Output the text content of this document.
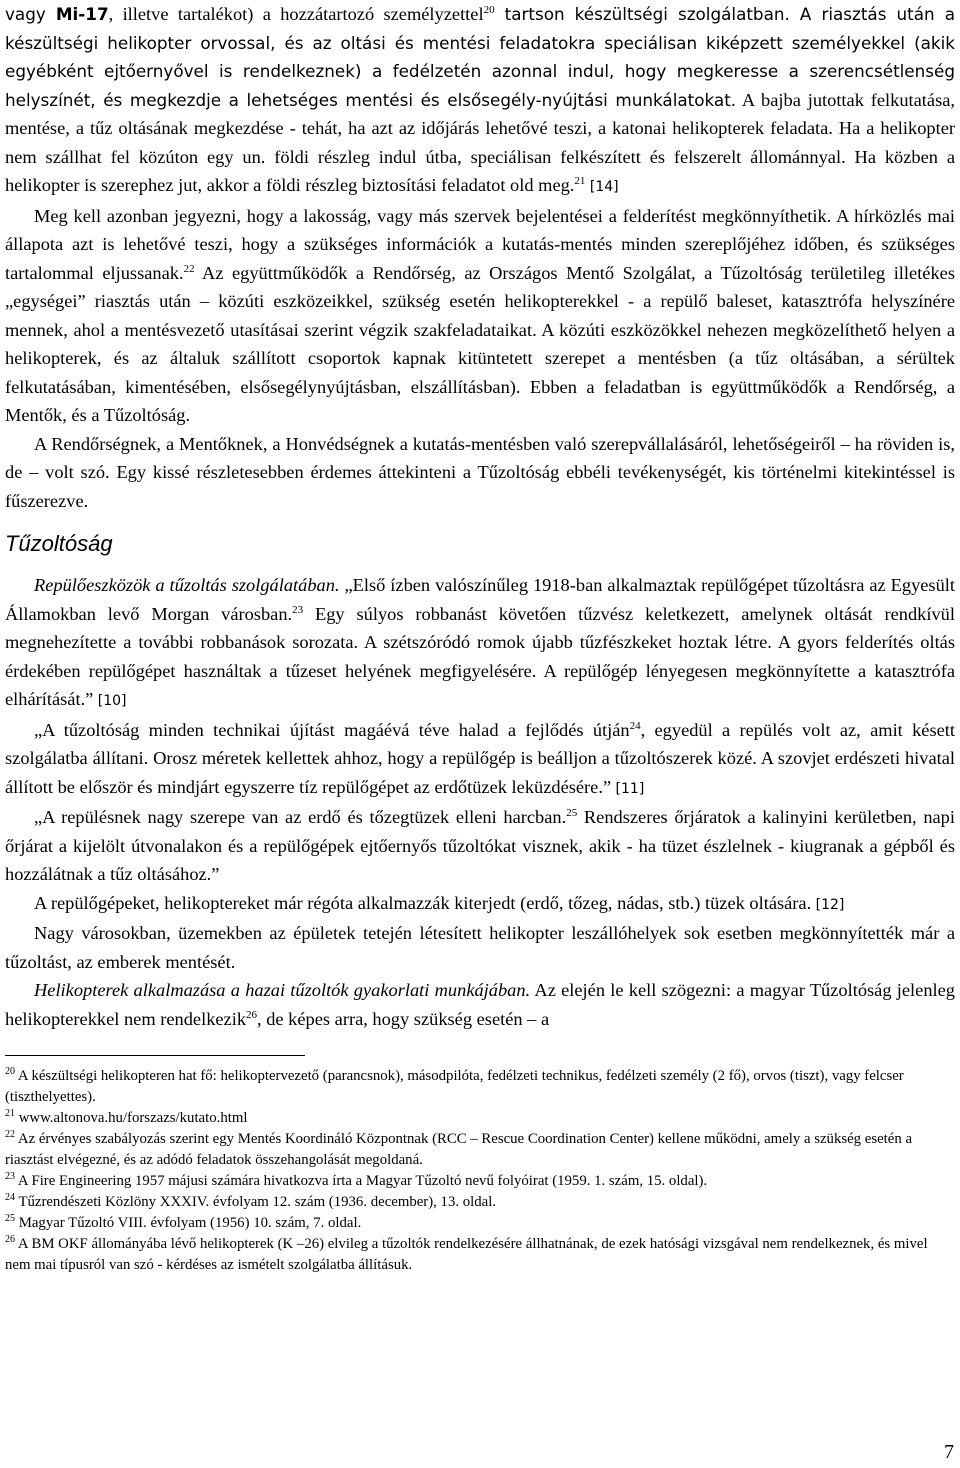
vagy Mi-17, illetve tartalékot) a hozzátartozó személyzettel$^{20}$ tartson készültségi szolgálatban. A riasztás után a készültségi helikopter orvossal, és az oltási és mentési feladatokra speciálisan kiképzett személyekkel (akik egyébként ejtőernyővel is rendelkeznek) a fedélzetén azonnal indul, hogy megkeresse a szerencsétlenség helyszínét, és megkezdje a lehetséges mentési és elsősegély-nyújtási munkálatokat. A bajba jutottak felkutatása, mentése, a tűz oltásának megkezdése - tehát, ha azt az időjárás lehetővé teszi, a katonai helikopterek feladata. Ha a helikopter nem szállhat fel közúton egy un. földi részleg indul útba, speciálisan felkészített és felszerelt állománnyal. Ha közben a helikopter is szerephez jut, akkor a földi részleg biztosítási feladatot old meg.$^{21}$ [14]

Meg kell azonban jegyezni, hogy a lakosság, vagy más szervek bejelentései a felderítést megkönnyíthetik. A hírközlés mai állapota azt is lehetővé teszi, hogy a szükséges információk a kutatás-mentés minden szereplőjéhez időben, és szükséges tartalommal eljussanak.$^{22}$ Az együttműködők a Rendőrség, az Országos Mentő Szolgálat, a Tűzoltóság területileg illetékes „egységei” riasztás után – közúti eszközeikkel, szükség esetén helikopterekkel - a repülő baleset, katasztrófa helyszínére mennek, ahol a mentésvezető utasításai szerint végzik szakfeladataikat. A közúti eszközökkel nehezen megközelíthető helyen a helikopterek, és az általuk szállított csoportok kapnak kitüntetett szerepet a mentésben (a tűz oltásában, a sérültek felkutatásában, kimentésében, elsősegélynyújtásban, elszállításban). Ebben a feladatban is együttműködők a Rendőrség, a Mentők, és a Tűzoltóság.

A Rendőrségnek, a Mentőknek, a Honvédségnek a kutatás-mentésben való szerepvállalásáról, lehetőségeiről – ha röviden is, de – volt szó. Egy kissé részletesebben érdemes áttekinteni a Tűzoltóság ebbéli tevékenységét, kis történelmi kitekintéssel is fűszerezve.

Tűzoltóság

Repülőeszközök a tűzoltás szolgálatában. „Első ízben valószínűleg 1918-ban alkalmaztak repülőgépet tűzoltásra az Egyesült Államokban levő Morgan városban.$^{23}$ Egy súlyos robbanást követően tűzvész keletkezett, amelynek oltását rendkívül megnehezítette a további robbanások sorozata. A szétszóródó romok újabb tűzfészkeket hoztak létre. A gyors felderítés oltás érdekében repülőgépet használtak a tűzeset helyének megfigyelésére. A repülőgép lényegesen megkönnyítette a katasztrófa elhárítását.” [10]

„A tűzoltóság minden technikai újítást magáévá téve halad a fejlődés útján$^{24}$, egyedül a repülés volt az, amit késett szolgálatba állítani. Orosz méretek kellettek ahhoz, hogy a repülőgép is beálljon a tűzoltószerek közé. A szovjet erdészeti hivatal állított be először és mindjárt egyszerre tíz repülőgépet az erdőtüzek leküzdésére.” [11]

„A repülésnek nagy szerepe van az erdő és tőzegtüzek elleni harcban.$^{25}$ Rendszeres őrjáratok a kalinyini kerületben, napi őrjárat a kijelölt útvonalakon és a repülőgépek ejtőernyős tűzoltókat visznek, akik - ha tüzet észlelnek - kiugranak a gépből és hozzálátnak a tűz oltásához.”

A repülőgépeket, helikoptereket már régóta alkalmazzák kiterjedt (erdő, tőzeg, nádas, stb.) tüzek oltására. [12]

Nagy városokban, üzemekben az épületek tetején létesített helikopter leszállóhelyek sok esetben megkönnyítették már a tűzoltást, az emberek mentését.

Helikopterek alkalmazása a hazai tűzoltók gyakorlati munkájában. Az elején le kell szögezni: a magyar Tűzoltóság jelenleg helikopterekkel nem rendelkezik$^{26}$, de képes arra, hogy szükség esetén – a

$^{20}$ A készültségi helikopteren hat fő: helikoptervezető (parancsnok), másodpilóta, fedélzeti technikus, fedélzeti személy (2 fő), orvos (tiszt), vagy felcser (tiszthelyettes).

$^{21}$ www.altonova.hu/forszazs/kutato.html

$^{22}$ Az érvényes szabályozás szerint egy Mentés Koordináló Központnak (RCC – Rescue Coordination Center) kellene működni, amely a szükség esetén a riasztást elvégezné, és az adódó feladatok összehangolását megoldaná.

$^{23}$ A Fire Engineering 1957 májusi számára hivatkozva írta a Magyar Tűzoltó nevű folyóirat (1959. 1. szám, 15. oldal).

$^{24}$ Tűzrendészeti Közlöny XXXIV. évfolyam 12. szám (1936. december), 13. oldal.

$^{25}$ Magyar Tűzoltó VIII. évfolyam (1956) 10. szám, 7. oldal.

$^{26}$ A BM OKF állományába lévő helikopterek (K –26) elvileg a tűzoltók rendelkezésére állhatnának, de ezek hatósági vizsgával nem rendelkeznek, és mivel nem mai típusról van szó - kérdéses az ismételt szolgálatba állításuk.

7
